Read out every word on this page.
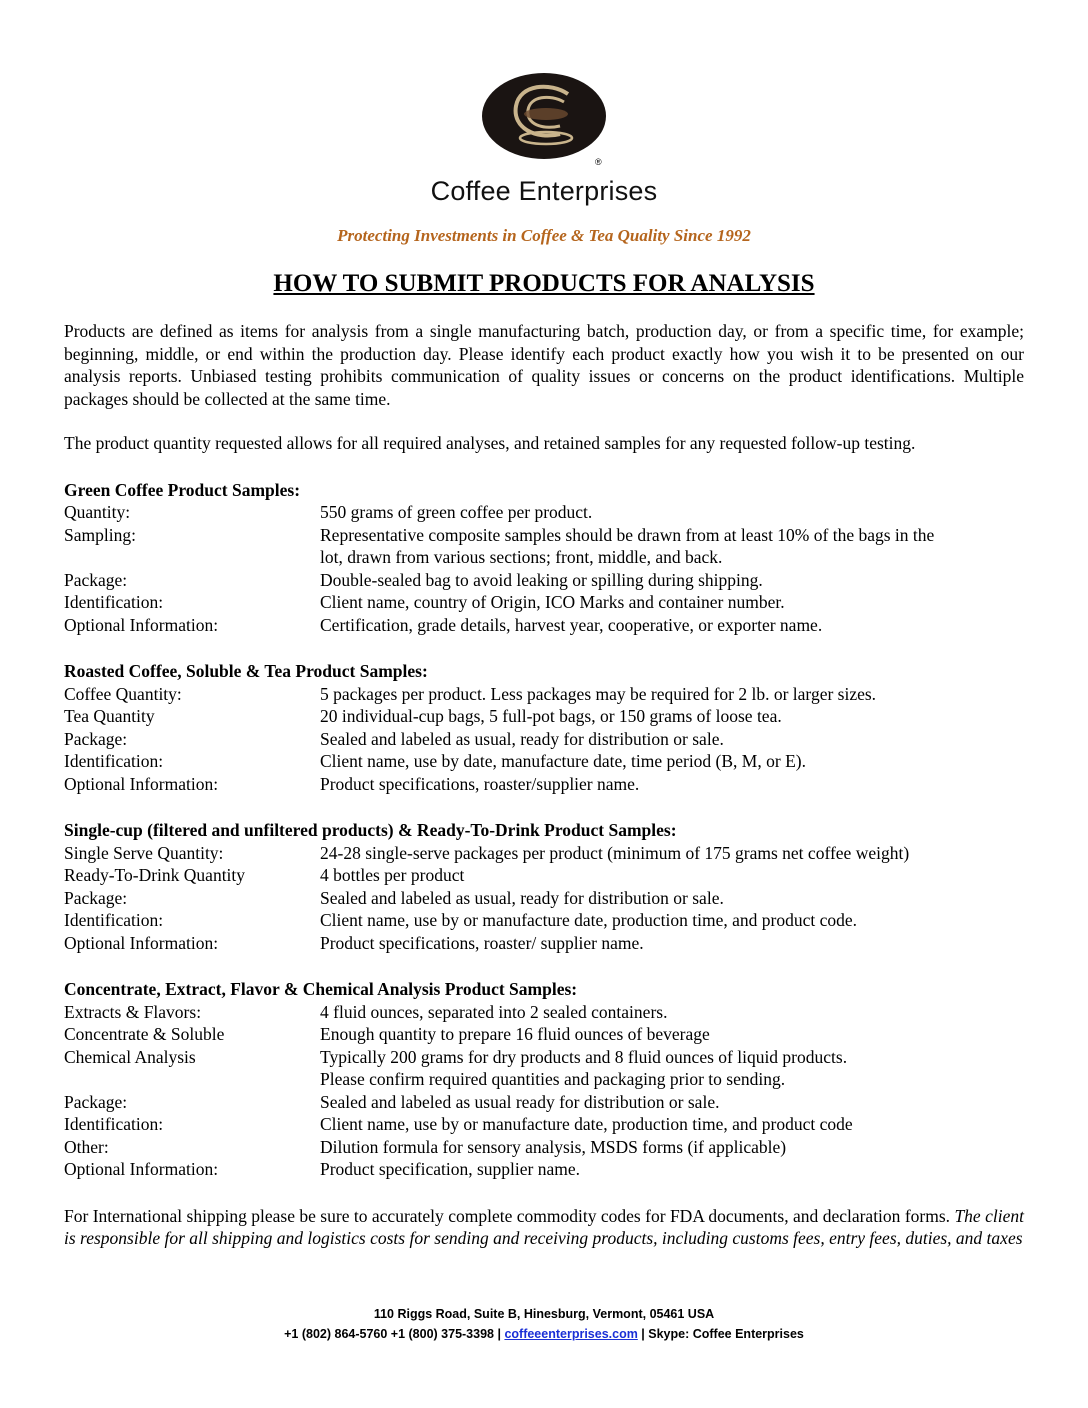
®
Coffee Enterprises
Protecting Investments in Coffee & Tea Quality Since 1992
HOW TO SUBMIT PRODUCTS FOR ANALYSIS

Products are defined as items for analysis from a single manufacturing batch, production day, or from a specific time, for example; beginning, middle, or end within the production day. Please identify each product exactly how you wish it to be presented on our analysis reports. Unbiased testing prohibits communication of quality issues or concerns on the product identifications. Multiple packages should be collected at the same time.

The product quantity requested allows for all required analyses, and retained samples for any requested follow-up testing.

Green Coffee Product Samples:
Quantity:	550 grams of green coffee per product.
Sampling:	Representative composite samples should be drawn from at least 10% of the bags in the
lot, drawn from various sections; front, middle, and back.
Package:	Double-sealed bag to avoid leaking or spilling during shipping.
Identification:	Client name, country of Origin, ICO Marks and container number.
Optional Information:	Certification, grade details, harvest year, cooperative, or exporter name.
Roasted Coffee, Soluble & Tea Product Samples:
Coffee Quantity:	5 packages per product. Less packages may be required for 2 lb. or larger sizes.
Tea Quantity	20 individual-cup bags, 5 full-pot bags, or 150 grams of loose tea.
Package:	Sealed and labeled as usual, ready for distribution or sale.
Identification:	Client name, use by date, manufacture date, time period (B, M, or E).
Optional Information:	Product specifications, roaster/supplier name.
Single-cup (filtered and unfiltered products) & Ready-To-Drink Product Samples:
Single Serve Quantity:	24-28 single-serve packages per product (minimum of 175 grams net coffee weight)
Ready-To-Drink Quantity	4 bottles per product
Package:	Sealed and labeled as usual, ready for distribution or sale.
Identification:	Client name, use by or manufacture date, production time, and product code.
Optional Information:	Product specifications, roaster/ supplier name.
Concentrate, Extract, Flavor & Chemical Analysis Product Samples:
Extracts & Flavors:	4 fluid ounces, separated into 2 sealed containers.
Concentrate & Soluble	Enough quantity to prepare 16 fluid ounces of beverage
Chemical Analysis	Typically 200 grams for dry products and 8 fluid ounces of liquid products.
Please confirm required quantities and packaging prior to sending.
Package:	Sealed and labeled as usual ready for distribution or sale.
Identification:	Client name, use by or manufacture date, production time, and product code
Other:	Dilution formula for sensory analysis, MSDS forms (if applicable)
Optional Information:	Product specification, supplier name.

For International shipping please be sure to accurately complete commodity codes for FDA documents, and declaration forms. The client is responsible for all shipping and logistics costs for sending and receiving products, including customs fees, entry fees, duties, and taxes

110 Riggs Road, Suite B, Hinesburg, Vermont, 05461 USA
+1 (802) 864-5760 +1 (800) 375-3398 | coffeeenterprises.com | Skype: Coffee Enterprises
